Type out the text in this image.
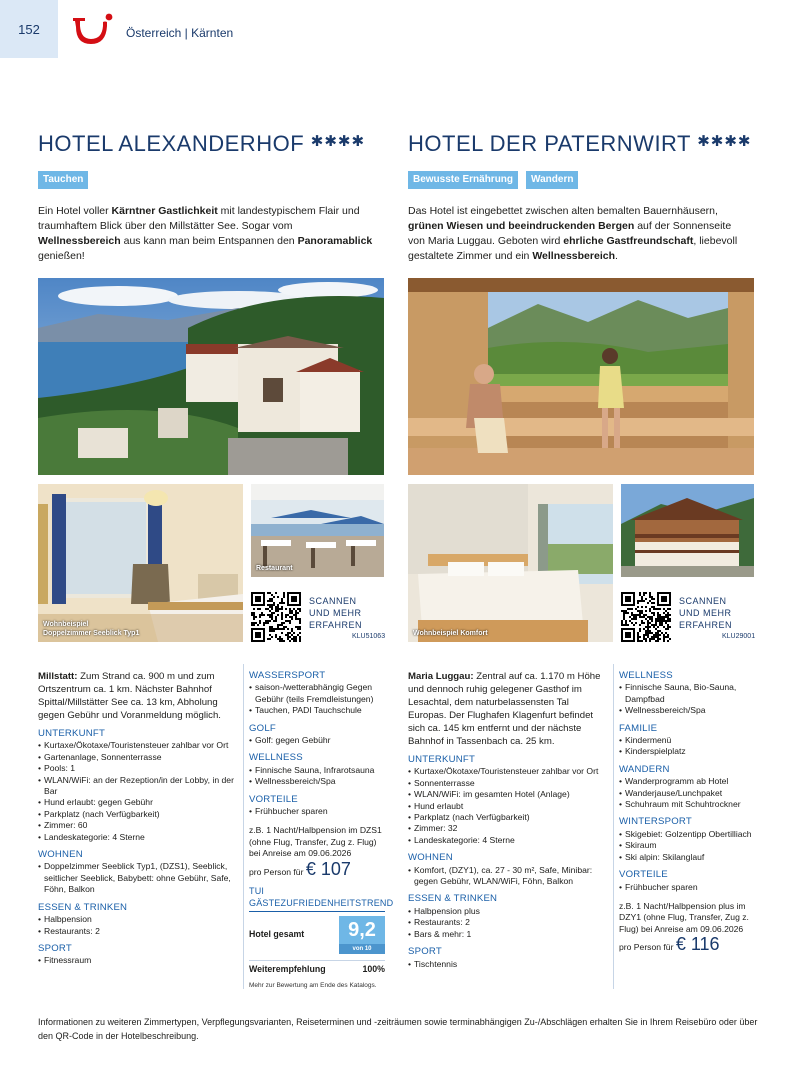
152	Österreich | Kärnten
HOTEL ALEXANDERHOF ✱✱✱✱
Tauchen
Ein Hotel voller Kärntner Gastlichkeit mit landestypischem Flair und traumhaftem Blick über den Millstätter See. Sogar vom Wellnessbereich aus kann man beim Entspannen den Panoramablick genießen!
Wohnbeispiel
Doppelzimmer Seeblick Typ1
Restaurant
SCANNEN
UND MEHR
ERFAHREN
KLU51063
HOTEL DER PATERNWIRT ✱✱✱✱
Bewusste Ernährung	Wandern
Das Hotel ist eingebettet zwischen alten bemalten Bauernhäusern, grünen Wiesen und beeindruckenden Bergen auf der Sonnenseite von Maria Luggau. Geboten wird ehrliche Gastfreundschaft, liebevoll gestaltete Zimmer und ein Wellnessbereich.
Wohnbeispiel Komfort
SCANNEN
UND MEHR
ERFAHREN
KLU29001
Millstatt: Zum Strand ca. 900 m und zum Ortszentrum ca. 1 km. Nächster Bahnhof Spittal/Millstätter See ca. 13 km, Abholung gegen Gebühr und Voranmeldung möglich.
UNTERKUNFT
• Kurtaxe/Ökotaxe/Touristensteuer zahlbar vor Ort
• Gartenanlage, Sonnenterrasse
• Pools: 1
• WLAN/WiFi: an der Rezeption/in der Lobby, in der Bar
• Hund erlaubt: gegen Gebühr
• Parkplatz (nach Verfügbarkeit)
• Zimmer: 60
• Landeskategorie: 4 Sterne
WOHNEN
• Doppelzimmer Seeblick Typ1, (DZS1), Seeblick, seitlicher Seeblick, Babybett: ohne Gebühr, Safe, Föhn, Balkon
ESSEN & TRINKEN
• Halbpension
• Restaurants: 2
SPORT
• Fitnessraum
WASSERSPORT
• saison-/wetterabhängig Gegen Gebühr (teils Fremdleistungen)
• Tauchen, PADI Tauchschule
GOLF
• Golf: gegen Gebühr
WELLNESS
• Finnische Sauna, Infrarotsauna
• Wellnessbereich/Spa
VORTEILE
• Frühbucher sparen
z.B. 1 Nacht/Halbpension im DZS1 (ohne Flug, Transfer, Zug z. Flug) bei Anreise am 09.06.2026
pro Person für € 107
TUI GÄSTEZUFRIEDENHEITSTREND
Hotel gesamt	9,2
von 10
Weiterempfehlung	100%
Mehr zur Bewertung am Ende des Katalogs.
Maria Luggau: Zentral auf ca. 1.170 m Höhe und dennoch ruhig gelegener Gasthof im Lesachtal, dem naturbelassensten Tal Europas. Der Flughafen Klagenfurt befindet sich ca. 145 km entfernt und der nächste Bahnhof in Tassenbach ca. 25 km.
UNTERKUNFT
• Kurtaxe/Ökotaxe/Touristensteuer zahlbar vor Ort
• Sonnenterrasse
• WLAN/WiFi: im gesamten Hotel (Anlage)
• Hund erlaubt
• Parkplatz (nach Verfügbarkeit)
• Zimmer: 32
• Landeskategorie: 4 Sterne
WOHNEN
• Komfort, (DZY1), ca. 27 - 30 m², Safe, Minibar: gegen Gebühr, WLAN/WiFi, Föhn, Balkon
ESSEN & TRINKEN
• Halbpension plus
• Restaurants: 2
• Bars & mehr: 1
SPORT
• Tischtennis
WELLNESS
• Finnische Sauna, Bio-Sauna, Dampfbad
• Wellnessbereich/Spa
FAMILIE
• Kindermenü
• Kinderspielplatz
WANDERN
• Wanderprogramm ab Hotel
• Wanderjause/Lunchpaket
• Schuhraum mit Schuhtrockner
WINTERSPORT
• Skigebiet: Golzentipp Obertilliach
• Skiraum
• Ski alpin: Skilanglauf
VORTEILE
• Frühbucher sparen
z.B. 1 Nacht/Halbpension plus im DZY1 (ohne Flug, Transfer, Zug z. Flug) bei Anreise am 09.06.2026
pro Person für € 116
Informationen zu weiteren Zimmertypen, Verpflegungsvarianten, Reiseterminen und -zeiträumen sowie terminabhängigen Zu-/Abschlägen erhalten Sie in Ihrem Reisebüro oder über den QR-Code in der Hotelbeschreibung.
